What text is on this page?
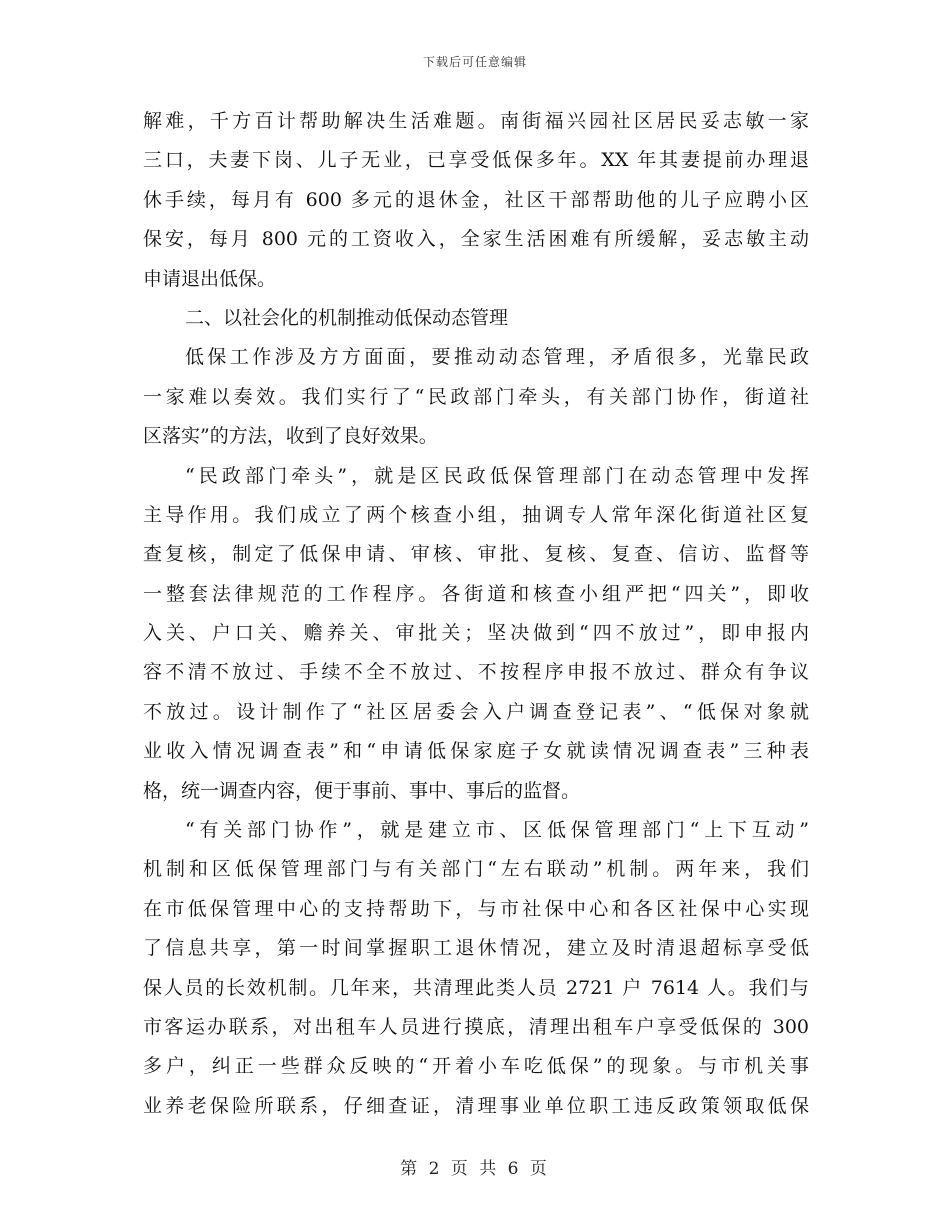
下载后可任意编辑
解难，千方百计帮助解决生活难题。南街福兴园社区居民妥志敏一家
三口，夫妻下岗、儿子无业，已享受低保多年。XX 年其妻提前办理退
休手续，每月有 600 多元的退休金，社区干部帮助他的儿子应聘小区
保安，每月 800 元的工资收入，全家生活困难有所缓解，妥志敏主动
申请退出低保。
二、以社会化的机制推动低保动态管理
低保工作涉及方方面面，要推动动态管理，矛盾很多，光靠民政
一家难以奏效。我们实行了“民政部门牵头，有关部门协作，街道社
区落实”的方法，收到了良好效果。
“民政部门牵头”，就是区民政低保管理部门在动态管理中发挥
主导作用。我们成立了两个核查小组，抽调专人常年深化街道社区复
查复核，制定了低保申请、审核、审批、复核、复查、信访、监督等
一整套法律规范的工作程序。各街道和核查小组严把“四关”，即收
入关、户口关、赡养关、审批关；坚决做到“四不放过”，即申报内
容不清不放过、手续不全不放过、不按程序申报不放过、群众有争议
不放过。设计制作了“社区居委会入户调查登记表”、“低保对象就
业收入情况调查表”和“申请低保家庭子女就读情况调查表”三种表
格，统一调查内容，便于事前、事中、事后的监督。
“有关部门协作”，就是建立市、区低保管理部门“上下互动”
机制和区低保管理部门与有关部门“左右联动”机制。两年来，我们
在市低保管理中心的支持帮助下，与市社保中心和各区社保中心实现
了信息共享，第一时间掌握职工退休情况，建立及时清退超标享受低
保人员的长效机制。几年来，共清理此类人员 2721 户 7614 人。我们与
市客运办联系，对出租车人员进行摸底，清理出租车户享受低保的 300
多户，纠正一些群众反映的“开着小车吃低保”的现象。与市机关事
业养老保险所联系，仔细查证，清理事业单位职工违反政策领取低保
第 2 页 共 6 页
